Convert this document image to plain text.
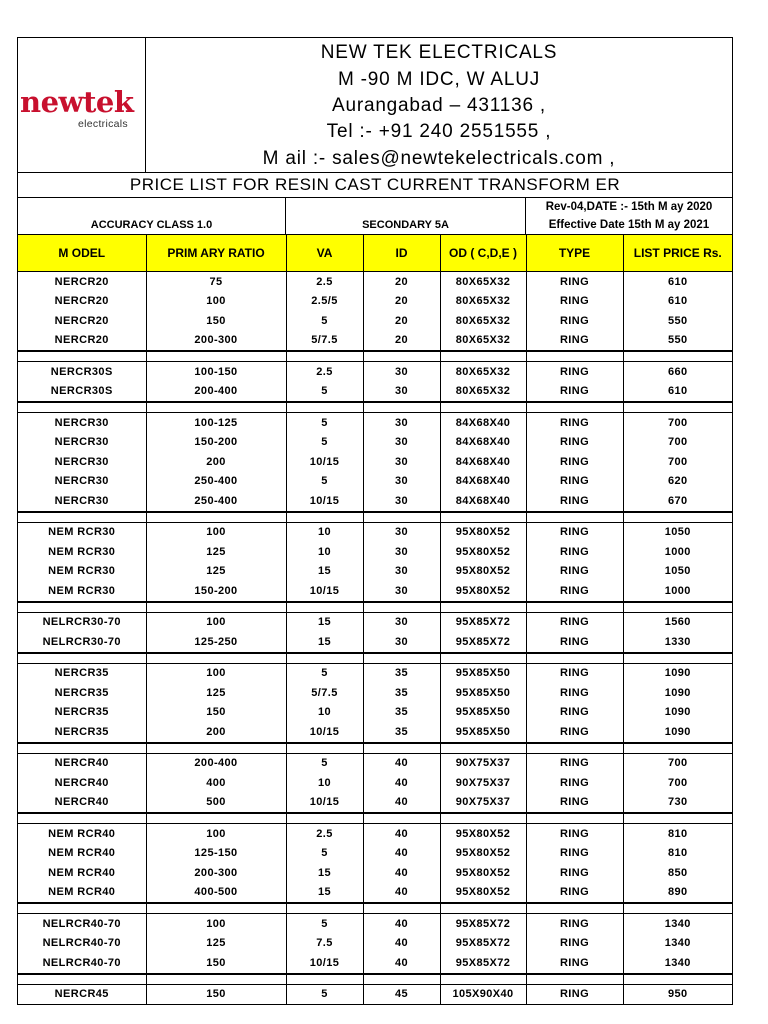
newtek
electricals
NEW TEK ELECTRICALS
M -90 M IDC, W ALUJ
Aurangabad – 431136 ,
Tel :- +91 240 2551555 ,
M ail :- sales@newtekelectricals.com ,
PRICE LIST FOR RESIN CAST CURRENT TRANSFORM ER
ACCURACY CLASS 1.0	SECONDARY 5A
Rev-04,DATE :- 15th M ay 2020
Effective Date 15th M ay 2021
M ODEL	PRIM ARY RATIO	VA	ID	OD ( C,D,E )	TYPE	LIST PRICE Rs.
NERCR20	75	2.5	20	80X65X32	RING	610
NERCR20	100	2.5/5	20	80X65X32	RING	610
NERCR20	150	5	20	80X65X32	RING	550
NERCR20	200-300	5/7.5	20	80X65X32	RING	550

NERCR30S	100-150	2.5	30	80X65X32	RING	660
NERCR30S	200-400	5	30	80X65X32	RING	610

NERCR30	100-125	5	30	84X68X40	RING	700
NERCR30	150-200	5	30	84X68X40	RING	700
NERCR30	200	10/15	30	84X68X40	RING	700
NERCR30	250-400	5	30	84X68X40	RING	620
NERCR30	250-400	10/15	30	84X68X40	RING	670

NEM RCR30	100	10	30	95X80X52	RING	1050
NEM RCR30	125	10	30	95X80X52	RING	1000
NEM RCR30	125	15	30	95X80X52	RING	1050
NEM RCR30	150-200	10/15	30	95X80X52	RING	1000

NELRCR30-70	100	15	30	95X85X72	RING	1560
NELRCR30-70	125-250	15	30	95X85X72	RING	1330

NERCR35	100	5	35	95X85X50	RING	1090
NERCR35	125	5/7.5	35	95X85X50	RING	1090
NERCR35	150	10	35	95X85X50	RING	1090
NERCR35	200	10/15	35	95X85X50	RING	1090

NERCR40	200-400	5	40	90X75X37	RING	700
NERCR40	400	10	40	90X75X37	RING	700
NERCR40	500	10/15	40	90X75X37	RING	730

NEM RCR40	100	2.5	40	95X80X52	RING	810
NEM RCR40	125-150	5	40	95X80X52	RING	810
NEM RCR40	200-300	15	40	95X80X52	RING	850
NEM RCR40	400-500	15	40	95X80X52	RING	890

NELRCR40-70	100	5	40	95X85X72	RING	1340
NELRCR40-70	125	7.5	40	95X85X72	RING	1340
NELRCR40-70	150	10/15	40	95X85X72	RING	1340

NERCR45	150	5	45	105X90X40	RING	950
